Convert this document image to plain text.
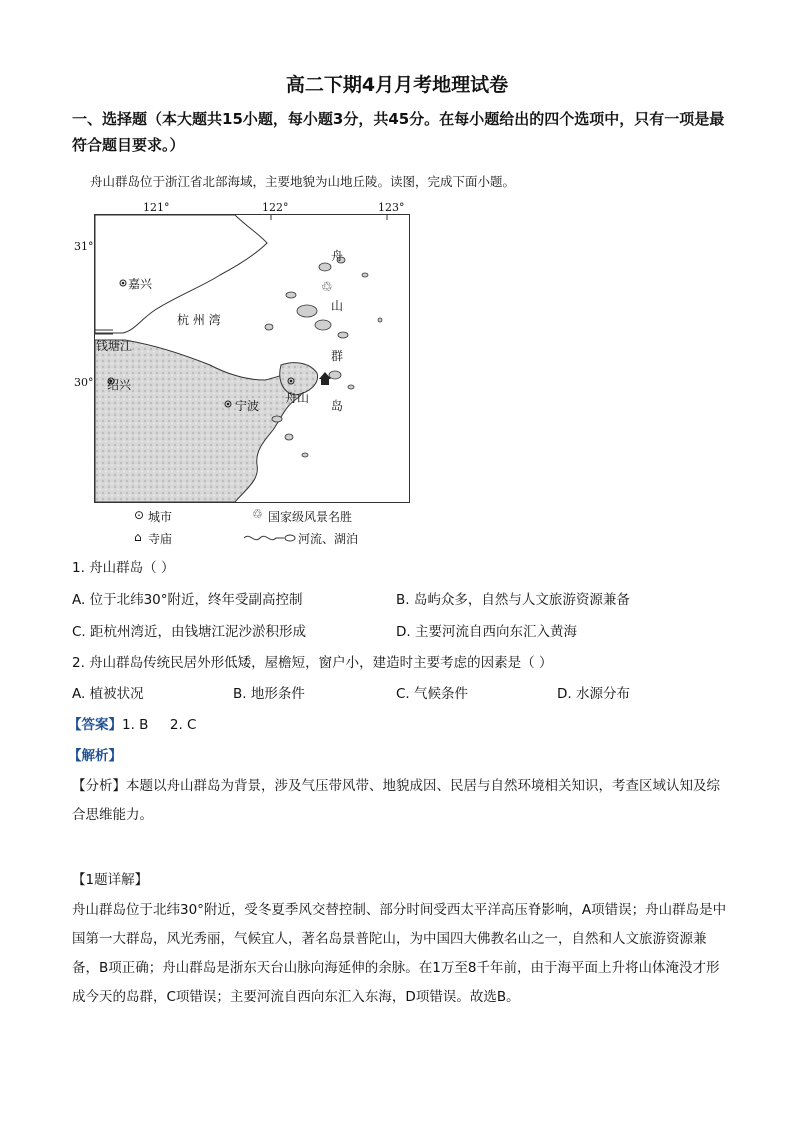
高二下期4月月考地理试卷
一、选择题（本大题共15小题，每小题3分，共45分。在每小题给出的四个选项中，只有一项是最符合题目要求。）
舟山群岛位于浙江省北部海域，主要地貌为山地丘陵。读图，完成下面小题。
121°	122°	123°
31°
30°
♲
嘉兴
杭 州 湾
钱塘江
绍兴
宁波
舟
山
群
岛
舟山
⊙ 城市	♲ 国家级风景名胜
⌂ 寺庙	河流、湖泊
1. 舟山群岛（ ）
A. 位于北纬30°附近，终年受副高控制	B. 岛屿众多，自然与人文旅游资源兼备
C. 距杭州湾近，由钱塘江泥沙淤积形成	D. 主要河流自西向东汇入黄海
2. 舟山群岛传统民居外形低矮，屋檐短，窗户小，建造时主要考虑的因素是（ ）
A. 植被状况	B. 地形条件	C. 气候条件	D. 水源分布
【答案】1. B     2. C
【解析】
【分析】本题以舟山群岛为背景，涉及气压带风带、地貌成因、民居与自然环境相关知识，考查区域认知及综合思维能力。
【1题详解】
舟山群岛位于北纬30°附近，受冬夏季风交替控制、部分时间受西太平洋高压脊影响，A项错误；舟山群岛是中国第一大群岛，风光秀丽，气候宜人，著名岛景普陀山，为中国四大佛教名山之一，自然和人文旅游资源兼备，B项正确；舟山群岛是浙东天台山脉向海延伸的余脉。在1万至8千年前，由于海平面上升将山体淹没才形成今天的岛群，C项错误；主要河流自西向东汇入东海，D项错误。故选B。
